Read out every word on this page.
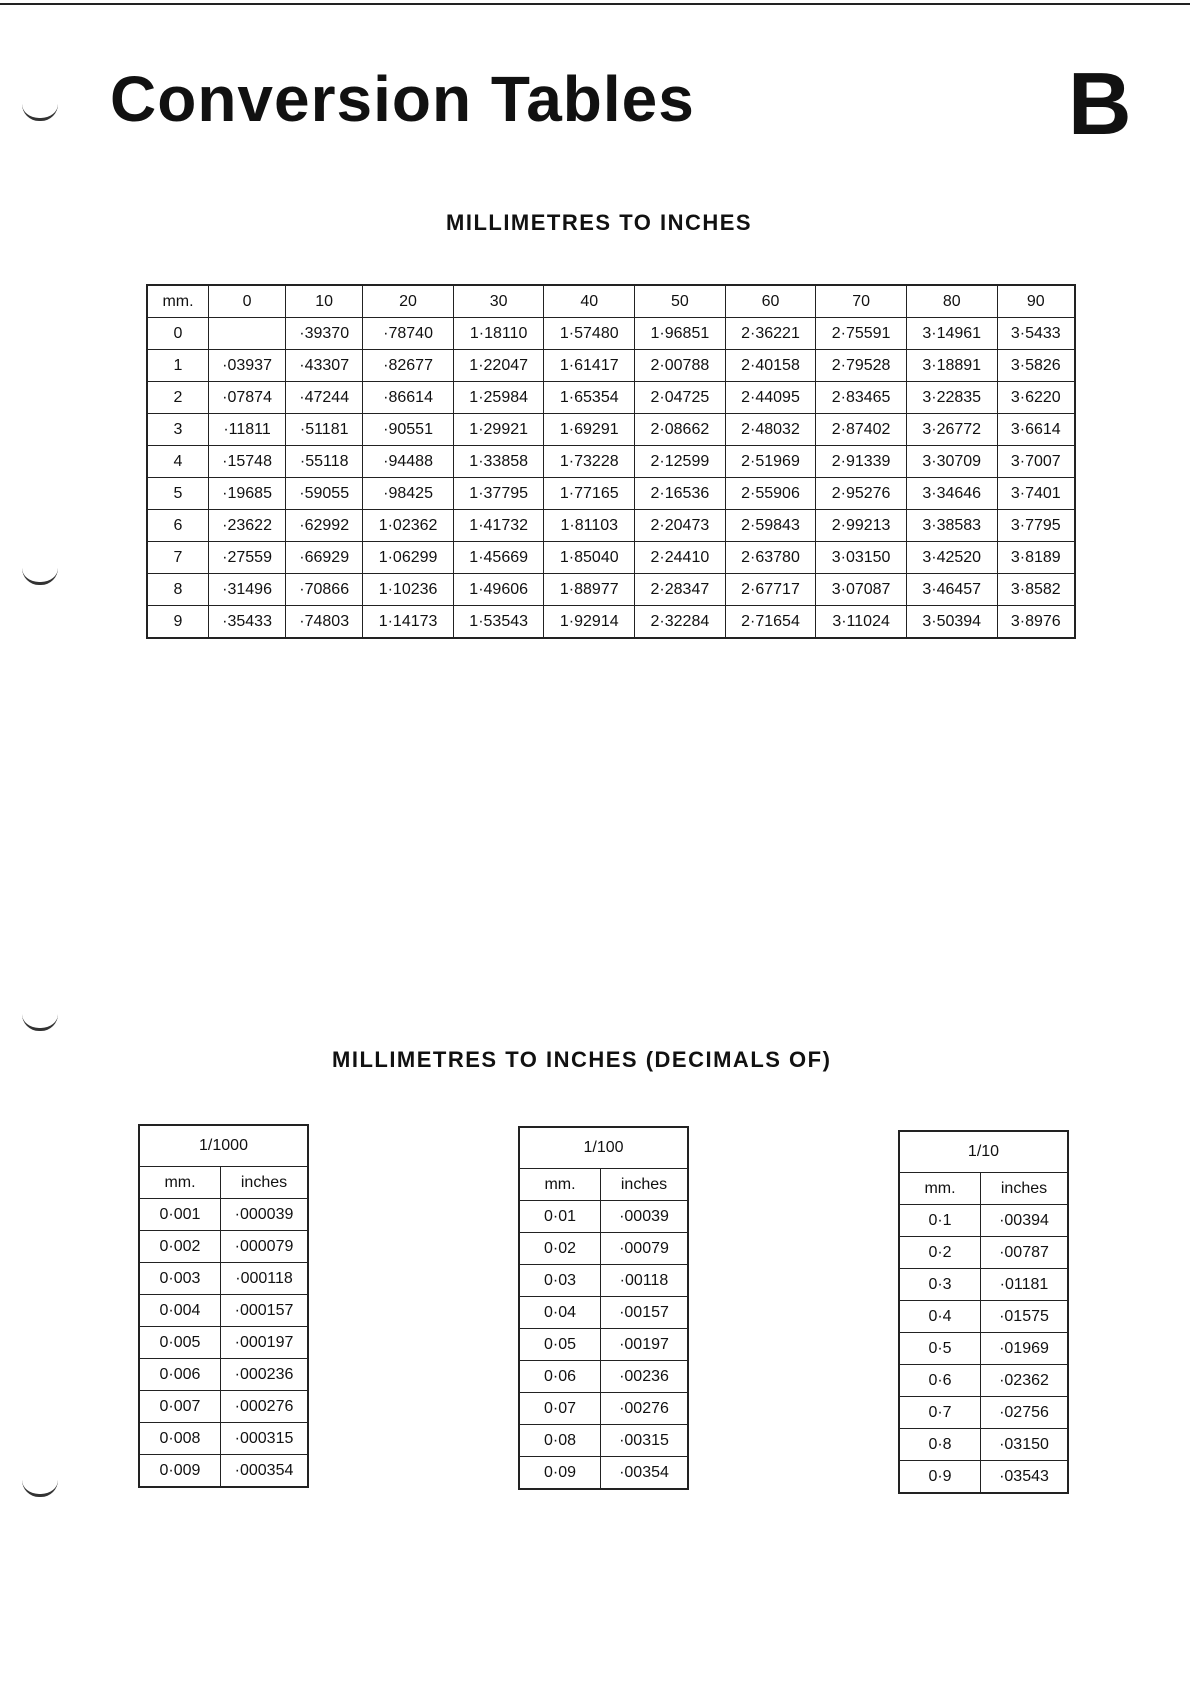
Conversion Tables	B
MILLIMETRES TO INCHES
mm.	0	10	20	30	40	50	60	70	80	90
0		·39370	·78740	1·18110	1·57480	1·96851	2·36221	2·75591	3·14961	3·5433
1	·03937	·43307	·82677	1·22047	1·61417	2·00788	2·40158	2·79528	3·18891	3·5826
2	·07874	·47244	·86614	1·25984	1·65354	2·04725	2·44095	2·83465	3·22835	3·6220
3	·11811	·51181	·90551	1·29921	1·69291	2·08662	2·48032	2·87402	3·26772	3·6614
4	·15748	·55118	·94488	1·33858	1·73228	2·12599	2·51969	2·91339	3·30709	3·7007
5	·19685	·59055	·98425	1·37795	1·77165	2·16536	2·55906	2·95276	3·34646	3·7401
6	·23622	·62992	1·02362	1·41732	1·81103	2·20473	2·59843	2·99213	3·38583	3·7795
7	·27559	·66929	1·06299	1·45669	1·85040	2·24410	2·63780	3·03150	3·42520	3·8189
8	·31496	·70866	1·10236	1·49606	1·88977	2·28347	2·67717	3·07087	3·46457	3·8582
9	·35433	·74803	1·14173	1·53543	1·92914	2·32284	2·71654	3·11024	3·50394	3·8976
MILLIMETRES TO INCHES (DECIMALS OF)
1/1000	
mm.	inches
0·001	·000039
0·002	·000079
0·003	·000118
0·004	·000157
0·005	·000197
0·006	·000236
0·007	·000276
0·008	·000315
0·009	·000354
1/100	
mm.	inches
0·01	·00039
0·02	·00079
0·03	·00118
0·04	·00157
0·05	·00197
0·06	·00236
0·07	·00276
0·08	·00315
0·09	·00354
1/10	
mm.	inches
0·1	·00394
0·2	·00787
0·3	·01181
0·4	·01575
0·5	·01969
0·6	·02362
0·7	·02756
0·8	·03150
0·9	·03543
